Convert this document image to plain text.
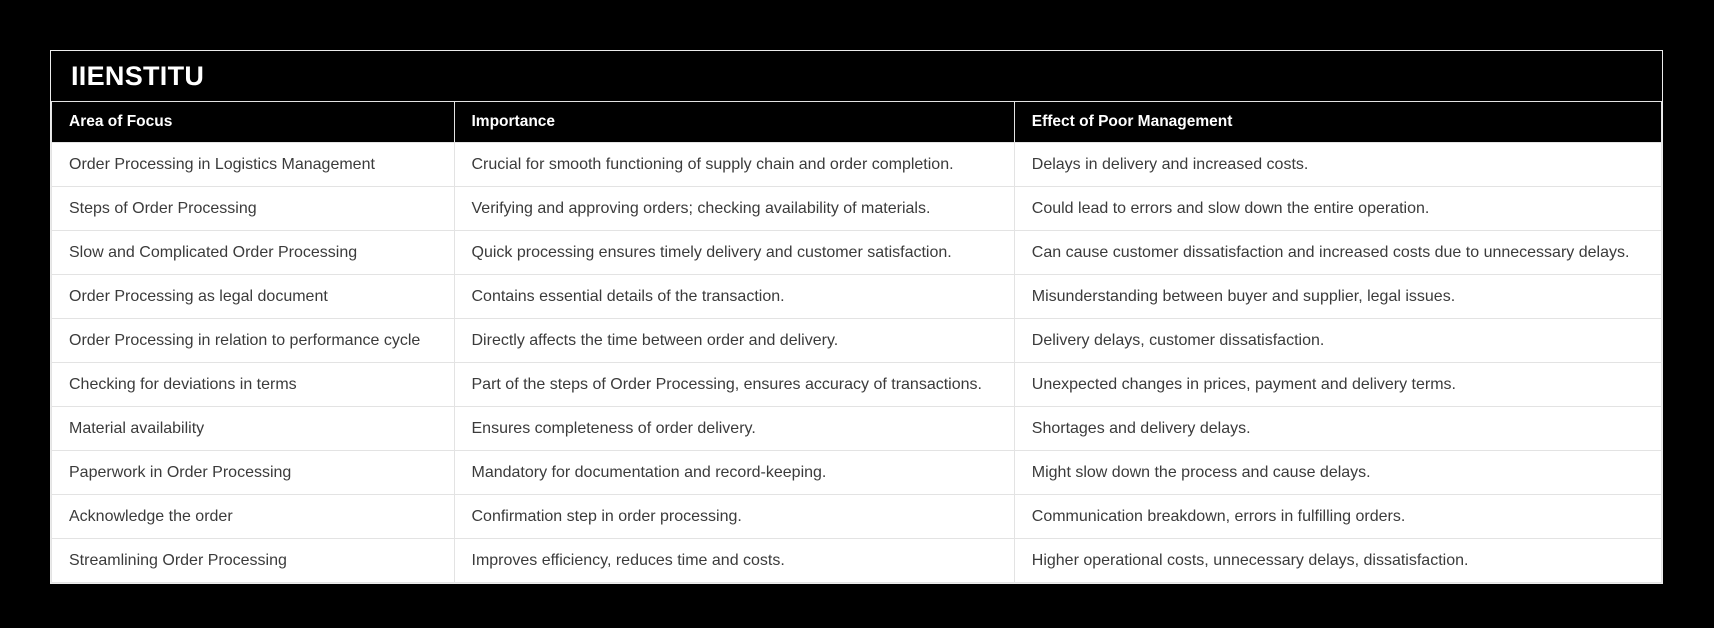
IIENSTITU
Area of Focus	Importance	Effect of Poor Management
Order Processing in Logistics Management	Crucial for smooth functioning of supply chain and order completion.	Delays in delivery and increased costs.
Steps of Order Processing	Verifying and approving orders; checking availability of materials.	Could lead to errors and slow down the entire operation.
Slow and Complicated Order Processing	Quick processing ensures timely delivery and customer satisfaction.	Can cause customer dissatisfaction and increased costs due to unnecessary delays.
Order Processing as legal document	Contains essential details of the transaction.	Misunderstanding between buyer and supplier, legal issues.
Order Processing in relation to performance cycle	Directly affects the time between order and delivery.	Delivery delays, customer dissatisfaction.
Checking for deviations in terms	Part of the steps of Order Processing, ensures accuracy of transactions.	Unexpected changes in prices, payment and delivery terms.
Material availability	Ensures completeness of order delivery.	Shortages and delivery delays.
Paperwork in Order Processing	Mandatory for documentation and record-keeping.	Might slow down the process and cause delays.
Acknowledge the order	Confirmation step in order processing.	Communication breakdown, errors in fulfilling orders.
Streamlining Order Processing	Improves efficiency, reduces time and costs.	Higher operational costs, unnecessary delays, dissatisfaction.
